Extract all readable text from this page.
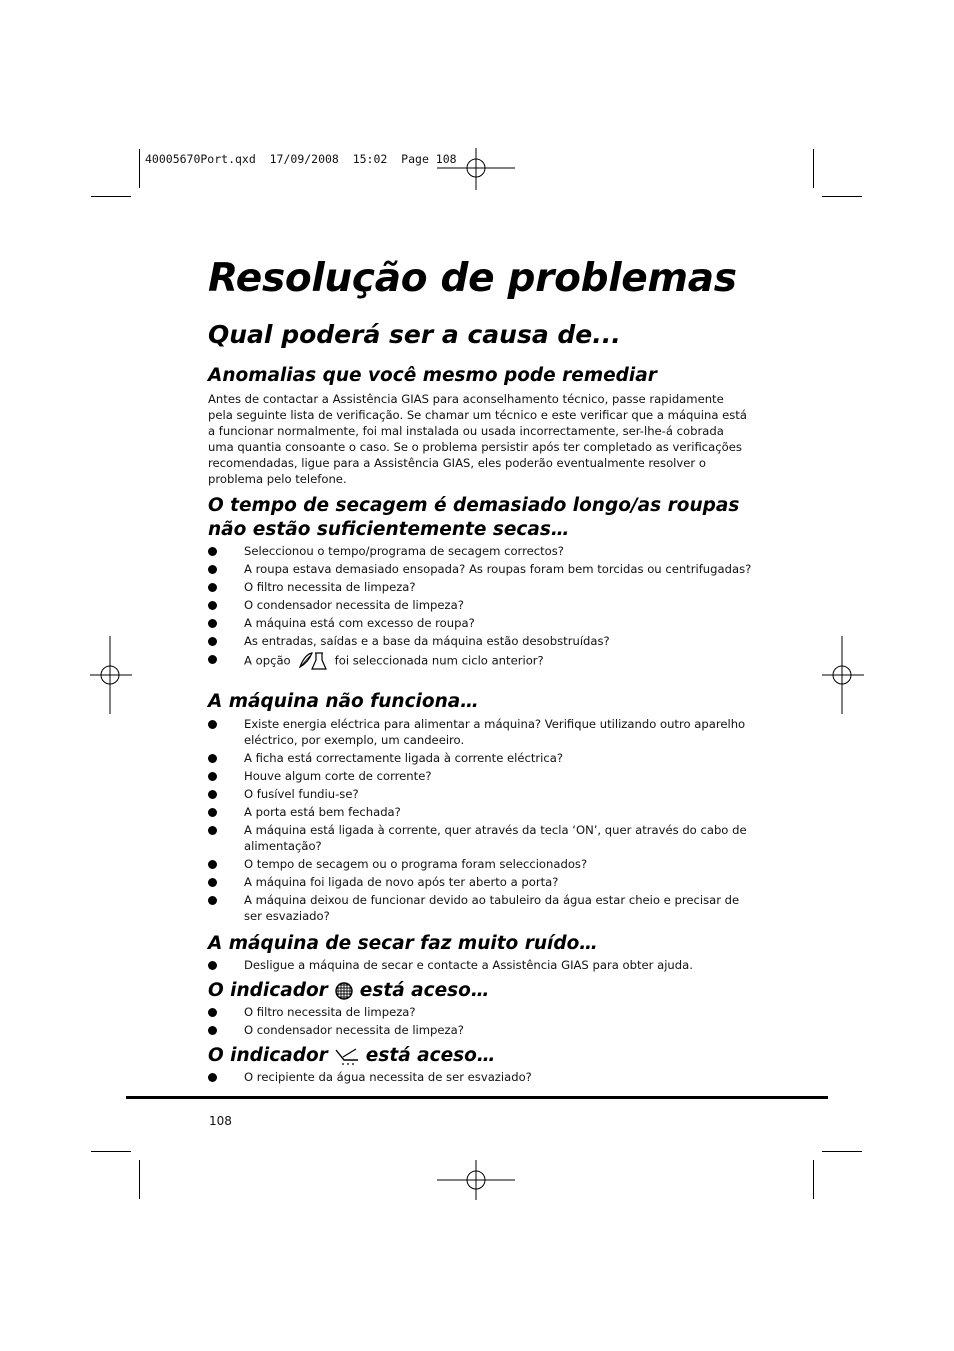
40005670Port.qxd  17/09/2008  15:02  Page 108
Resolução de problemas
Qual poderá ser a causa de...
Anomalias que você mesmo pode remediar

Antes de contactar a Assistência GIAS para aconselhamento técnico, passe rapidamente pela seguinte lista de verificação. Se chamar um técnico e este verificar que a máquina está a funcionar normalmente, foi mal instalada ou usada incorrectamente, ser-lhe-á cobrada uma quantia consoante o caso. Se o problema persistir após ter completado as verificações recomendadas, ligue para a Assistência GIAS, eles poderão eventualmente resolver o problema pelo telefone.

O tempo de secagem é demasiado longo/as roupas
não estão suficientemente secas…
Seleccionou o tempo/programa de secagem correctos?
A roupa estava demasiado ensopada? As roupas foram bem torcidas ou centrifugadas?
O filtro necessita de limpeza?
O condensador necessita de limpeza?
A máquina está com excesso de roupa?
As entradas, saídas e a base da máquina estão desobstruídas?
A opção	foi seleccionada num ciclo anterior?
A máquina não funciona…
Existe energia eléctrica para alimentar a máquina? Verifique utilizando outro aparelho eléctrico, por exemplo, um candeeiro.
A ficha está correctamente ligada à corrente eléctrica?
Houve algum corte de corrente?
O fusível fundiu-se?
A porta está bem fechada?
A máquina está ligada à corrente, quer através da tecla ‘ON’, quer através do cabo de alimentação?
O tempo de secagem ou o programa foram seleccionados?
A máquina foi ligada de novo após ter aberto a porta?
A máquina deixou de funcionar devido ao tabuleiro da água estar cheio e precisar de ser esvaziado?
A máquina de secar faz muito ruído…
Desligue a máquina de secar e contacte a Assistência GIAS para obter ajuda.
O indicador está aceso…
O filtro necessita de limpeza?
O condensador necessita de limpeza?
O indicador está aceso…
O recipiente da água necessita de ser esvaziado?
108
